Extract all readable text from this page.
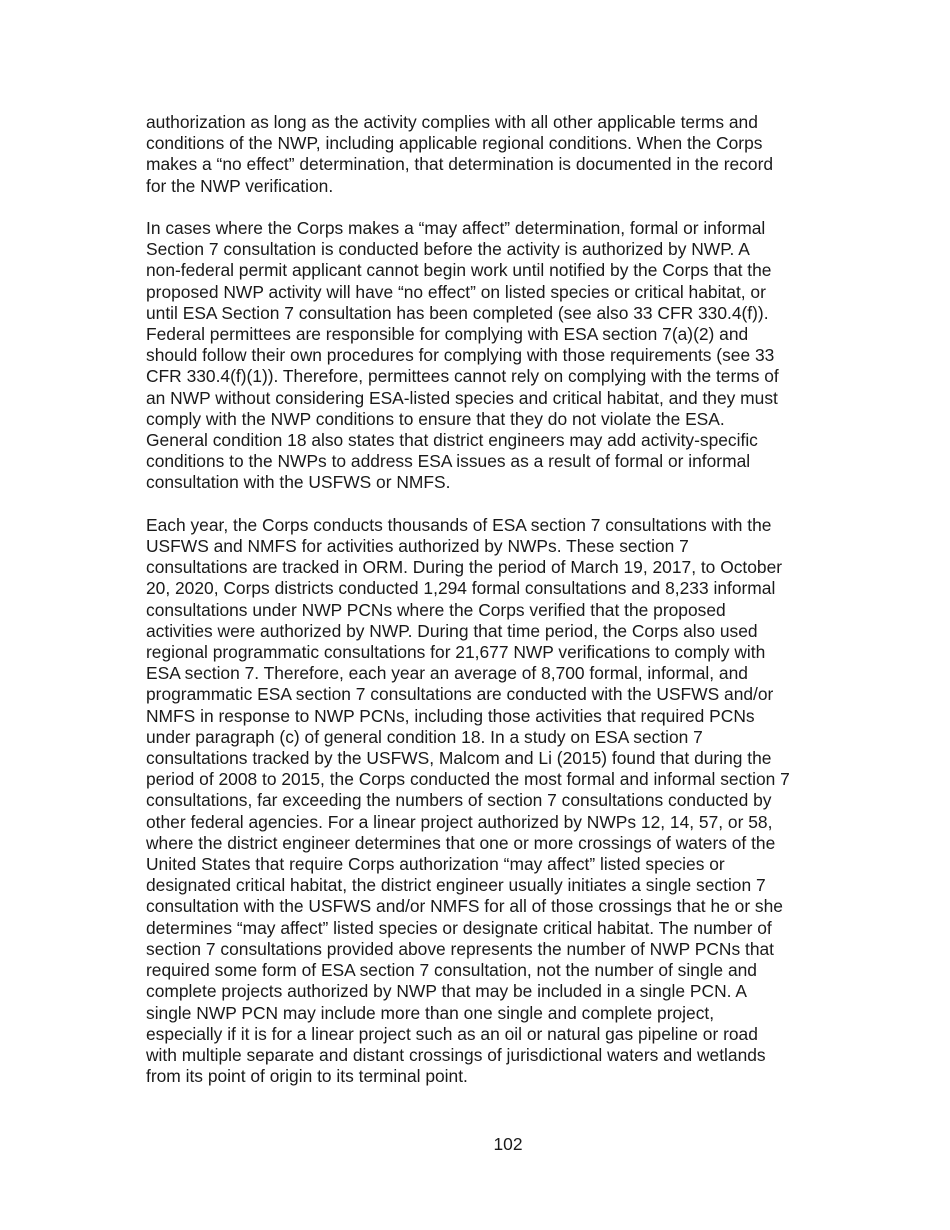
authorization as long as the activity complies with all other applicable terms and
conditions of the NWP, including applicable regional conditions. When the Corps
makes a “no effect” determination, that determination is documented in the record
for the NWP verification.

In cases where the Corps makes a “may affect” determination, formal or informal
Section 7 consultation is conducted before the activity is authorized by NWP. A
non-federal permit applicant cannot begin work until notified by the Corps that the
proposed NWP activity will have “no effect” on listed species or critical habitat, or
until ESA Section 7 consultation has been completed (see also 33 CFR 330.4(f)).
Federal permittees are responsible for complying with ESA section 7(a)(2) and
should follow their own procedures for complying with those requirements (see 33
CFR 330.4(f)(1)). Therefore, permittees cannot rely on complying with the terms of
an NWP without considering ESA-listed species and critical habitat, and they must
comply with the NWP conditions to ensure that they do not violate the ESA.
General condition 18 also states that district engineers may add activity-specific
conditions to the NWPs to address ESA issues as a result of formal or informal
consultation with the USFWS or NMFS.

Each year, the Corps conducts thousands of ESA section 7 consultations with the
USFWS and NMFS for activities authorized by NWPs. These section 7
consultations are tracked in ORM. During the period of March 19, 2017, to October
20, 2020, Corps districts conducted 1,294 formal consultations and 8,233 informal
consultations under NWP PCNs where the Corps verified that the proposed
activities were authorized by NWP. During that time period, the Corps also used
regional programmatic consultations for 21,677 NWP verifications to comply with
ESA section 7. Therefore, each year an average of 8,700 formal, informal, and
programmatic ESA section 7 consultations are conducted with the USFWS and/or
NMFS in response to NWP PCNs, including those activities that required PCNs
under paragraph (c) of general condition 18. In a study on ESA section 7
consultations tracked by the USFWS, Malcom and Li (2015) found that during the
period of 2008 to 2015, the Corps conducted the most formal and informal section 7
consultations, far exceeding the numbers of section 7 consultations conducted by
other federal agencies. For a linear project authorized by NWPs 12, 14, 57, or 58,
where the district engineer determines that one or more crossings of waters of the
United States that require Corps authorization “may affect” listed species or
designated critical habitat, the district engineer usually initiates a single section 7
consultation with the USFWS and/or NMFS for all of those crossings that he or she
determines “may affect” listed species or designate critical habitat. The number of
section 7 consultations provided above represents the number of NWP PCNs that
required some form of ESA section 7 consultation, not the number of single and
complete projects authorized by NWP that may be included in a single PCN. A
single NWP PCN may include more than one single and complete project,
especially if it is for a linear project such as an oil or natural gas pipeline or road
with multiple separate and distant crossings of jurisdictional waters and wetlands
from its point of origin to its terminal point.

102
